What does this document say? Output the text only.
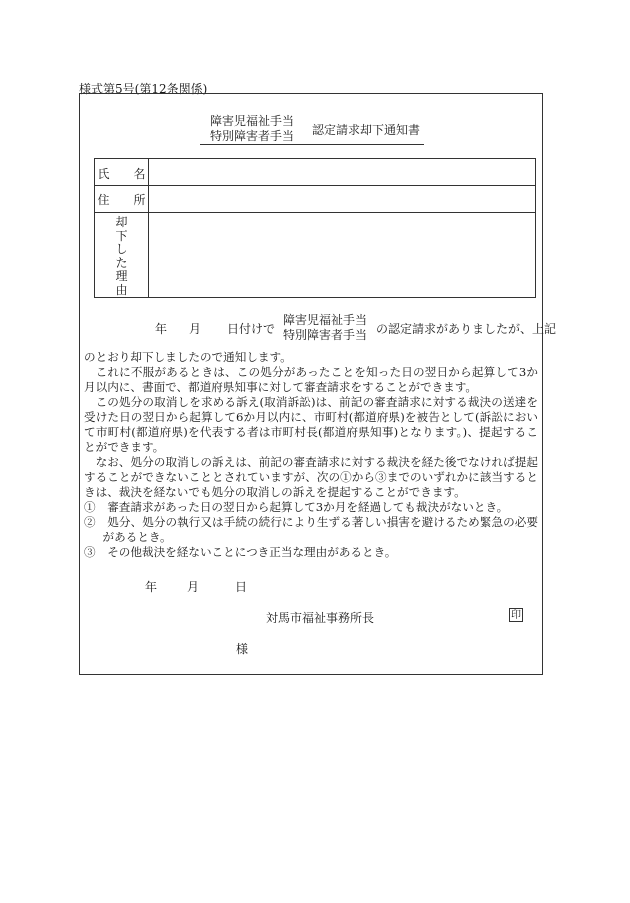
様式第5号(第12条関係)
障害児福祉手当
特別障害者手当 認定請求却下通知書
氏　　名
住　　所
却
下
し
た
理
由
年 月 日付けで
障害児福祉手当
特別障害者手当 の認定請求がありましたが、上記

のとおり却下しましたので通知します。

これに不服があるときは、この処分があったことを知った日の翌日から起算して3か月以内に、書面で、都道府県知事に対して審査請求をすることができます。

この処分の取消しを求める訴え(取消訴訟)は、前記の審査請求に対する裁決の送達を受けた日の翌日から起算して6か月以内に、市町村(都道府県)を被告として(訴訟において市町村(都道府県)を代表する者は市町村長(都道府県知事)となります。)、提起することができます。

なお、処分の取消しの訴えは、前記の審査請求に対する裁決を経た後でなければ提起することができないこととされていますが、次の①から③までのいずれかに該当するときは、裁決を経ないでも処分の取消しの訴えを提起することができます。

①　審査請求があった日の翌日から起算して3か月を経過しても裁決がないとき。

②　処分、処分の執行又は手続の続行により生ずる著しい損害を避けるため緊急の必要があるとき。

③　その他裁決を経ないことにつき正当な理由があるとき。

年 月	日
対馬市福祉事務所長	印
様
